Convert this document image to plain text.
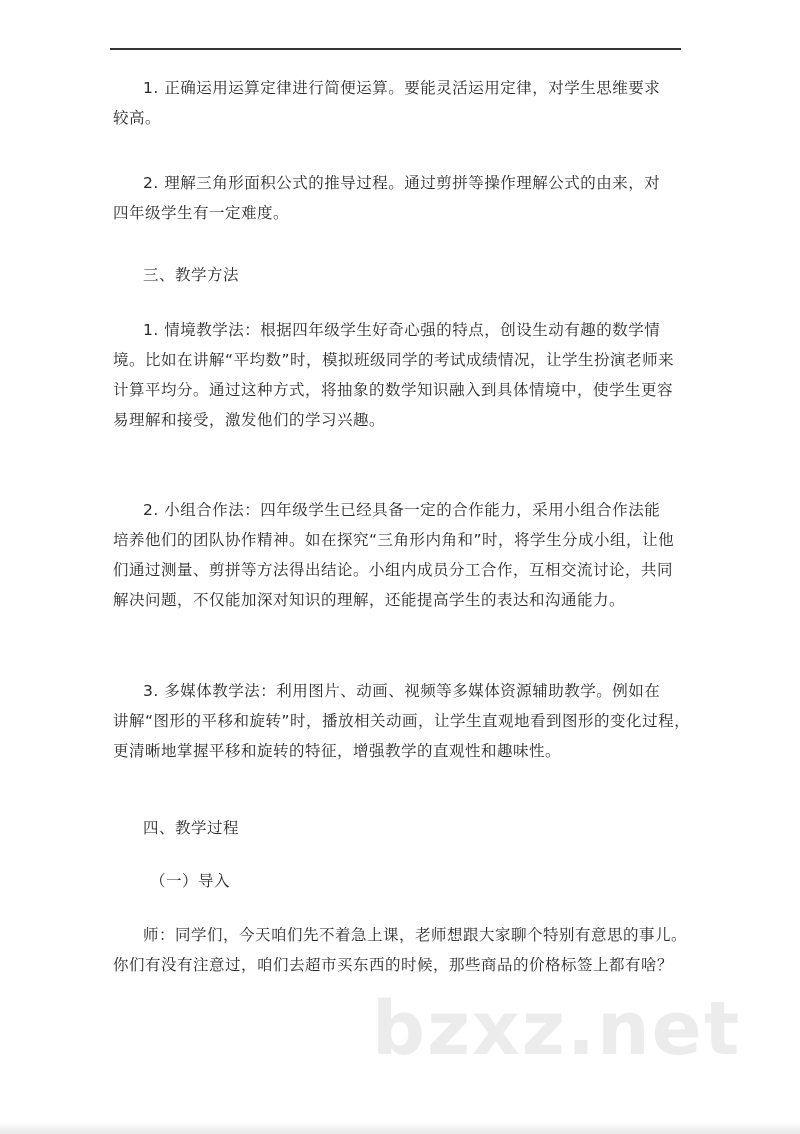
1. 正确运用运算定律进行简便运算。要能灵活运用定律，对学生思维要求
较高。

2. 理解三角形面积公式的推导过程。通过剪拼等操作理解公式的由来，对
四年级学生有一定难度。

三、教学方法

1. 情境教学法：根据四年级学生好奇心强的特点，创设生动有趣的数学情
境。比如在讲解“平均数”时，模拟班级同学的考试成绩情况，让学生扮演老师来
计算平均分。通过这种方式，将抽象的数学知识融入到具体情境中，使学生更容
易理解和接受，激发他们的学习兴趣。

2. 小组合作法：四年级学生已经具备一定的合作能力，采用小组合作法能
培养他们的团队协作精神。如在探究“三角形内角和”时，将学生分成小组，让他
们通过测量、剪拼等方法得出结论。小组内成员分工合作，互相交流讨论，共同
解决问题，不仅能加深对知识的理解，还能提高学生的表达和沟通能力。

3. 多媒体教学法：利用图片、动画、视频等多媒体资源辅助教学。例如在
讲解“图形的平移和旋转”时，播放相关动画，让学生直观地看到图形的变化过程，
更清晰地掌握平移和旋转的特征，增强教学的直观性和趣味性。

四、教学过程

（一）导入

师：同学们，今天咱们先不着急上课，老师想跟大家聊个特别有意思的事儿。
你们有没有注意过，咱们去超市买东西的时候，那些商品的价格标签上都有啥？

bzxz.net
